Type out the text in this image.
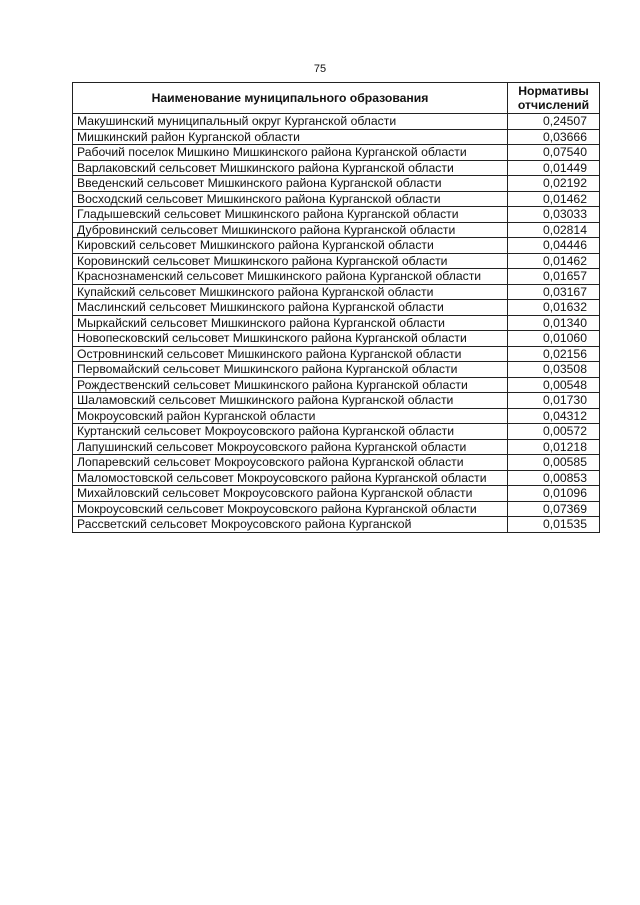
75
Наименование муниципального образования	Нормативы отчислений
Макушинский муниципальный округ Курганской области	0,24507
Мишкинский район Курганской области	0,03666
Рабочий поселок Мишкино Мишкинского района Курганской области	0,07540
Варлаковский сельсовет Мишкинского района Курганской области	0,01449
Введенский сельсовет Мишкинского района Курганской области	0,02192
Восходский сельсовет Мишкинского района Курганской области	0,01462
Гладышевский сельсовет Мишкинского района Курганской области	0,03033
Дубровинский сельсовет Мишкинского района Курганской области	0,02814
Кировский сельсовет Мишкинского района Курганской области	0,04446
Коровинский сельсовет Мишкинского района Курганской области	0,01462
Краснознаменский сельсовет Мишкинского района Курганской области	0,01657
Купайский сельсовет Мишкинского района Курганской области	0,03167
Маслинский сельсовет Мишкинского района Курганской области	0,01632
Мыркайский сельсовет Мишкинского района Курганской области	0,01340
Новопесковский сельсовет Мишкинского района Курганской области	0,01060
Островнинский сельсовет Мишкинского района Курганской области	0,02156
Первомайский сельсовет Мишкинского района Курганской области	0,03508
Рождественский сельсовет Мишкинского района Курганской области	0,00548
Шаламовский сельсовет Мишкинского района Курганской области	0,01730
Мокроусовский район Курганской области	0,04312
Куртанский сельсовет Мокроусовского района Курганской области	0,00572
Лапушинский сельсовет Мокроусовского района Курганской области	0,01218
Лопаревский сельсовет Мокроусовского района Курганской области	0,00585
Маломостовской сельсовет Мокроусовского района Курганской области	0,00853
Михайловский сельсовет Мокроусовского района Курганской области	0,01096
Мокроусовский сельсовет Мокроусовского района Курганской области	0,07369
Рассветский сельсовет Мокроусовского района Курганской	0,01535
